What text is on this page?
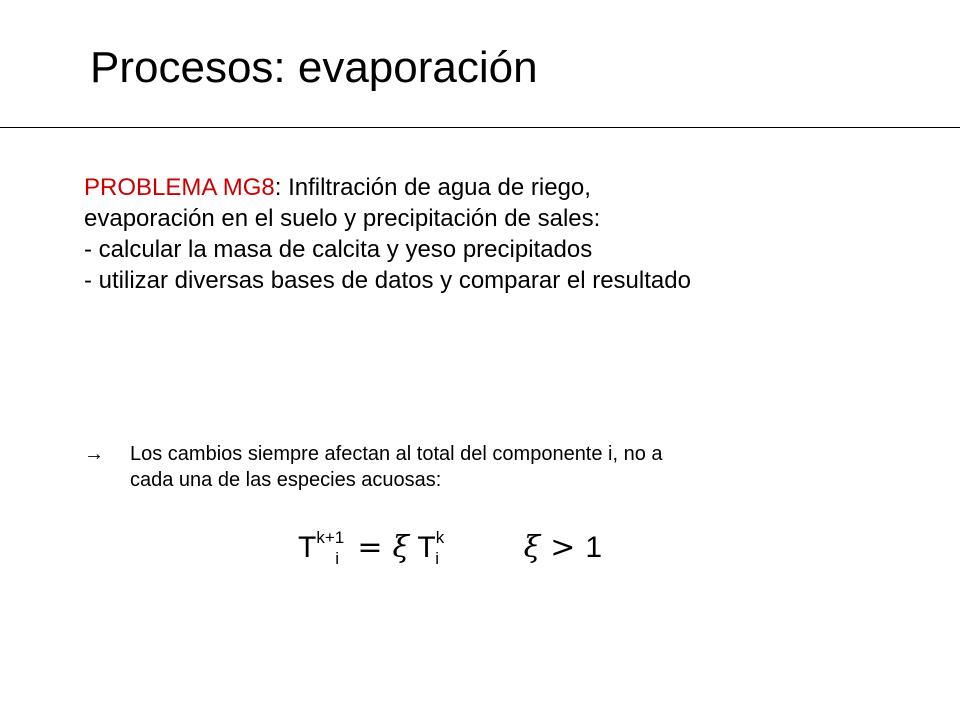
Procesos: evaporación
PROBLEMA MG8: Infiltración de agua de riego,
evaporación en el suelo y precipitación de sales:
- calcular la masa de calcita y yeso precipitados
- utilizar diversas bases de datos y comparar el resultado
→	Los cambios siempre afectan al total del componente i, no a
cada una de las especies acuosas:
$T^{k+1}_i = \xi$ $T^k_i$	ξ > 1
